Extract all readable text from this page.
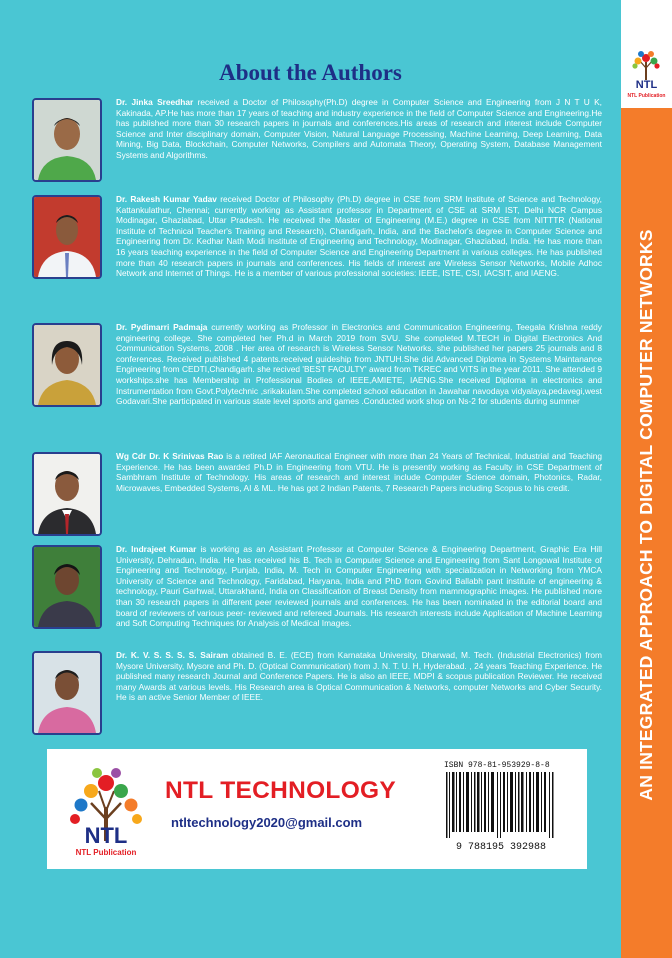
NTL
NTL Publication
AN INTEGRATED APPROACH TO DIGITAL COMPUTER NETWORKS
About the Authors
Dr. Jinka Sreedhar received a Doctor of Philosophy(Ph.D) degree in Computer Science and Engineering from J N T U K, Kakinada, AP.He has more than 17 years of teaching and industry experience in the field of Computer Science and Engineering.He has published more than 30 research papers in journals and conferences.His areas of research and interest include Computer Science and Inter disciplinary domain, Computer Vision, Natural Language Processing, Machine Learning, Deep Learning, Data Mining, Big Data, Blockchain, Computer Networks, Compilers and Automata Theory, Operating System, Database Management Systems and Algorithms.
Dr. Rakesh Kumar Yadav received Doctor of Philosophy (Ph.D) degree in CSE from SRM Institute of Science and Technology, Kattankulathur, Chennai; currently working as Assistant professor in Department of CSE at SRM IST, Delhi NCR Campus Modinagar, Ghaziabad, Uttar Pradesh. He received the Master of Engineering (M.E.) degree in CSE from NITTTR (National Institute of Technical Teacher's Training and Research), Chandigarh, India, and the Bachelor's degree in Computer Science and Engineering from Dr. Kedhar Nath Modi Institute of Engineering and Technology, Modinagar, Ghaziabad, India. He has more than 16 years teaching experience in the field of Computer Science and Engineering Department in various colleges. He has published more than 40 research papers in journals and conferences. His fields of interest are Wireless Sensor Networks, Mobile Adhoc Network and Internet of Things. He is a member of various professional societies: IEEE, ISTE, CSI, IACSIT, and IAENG.
Dr. Pydimarri Padmaja currently working as Professor in Electronics and Communication Engineering, Teegala Krishna reddy engineering college. She completed her Ph.d in March 2019 from SVU. She completed M.TECH in Digital Electronics And Communication Systems, 2008 . Her area of research is Wireless Sensor Networks. she published her papers 25 journals and 8 conferences. Received published 4 patents.received guideship from JNTUH.She did Advanced Diploma in Systems Maintanance Engineering from CEDTI,Chandigarh. she recived 'BEST FACULTY' award from TKREC and VITS in the year 2011. She attended 9 workships.she has Membership in Professional Bodies of IEEE,AMIETE, IAENG.She received Diploma in electronics and Instrumentation from Govt.Polytechnic ,srikakulam.She completed school education in Jawahar navodaya vidyalaya,pedavegi,west Godavari.She participated in various state level sports and games .Conducted work shop on Ns-2 for students during summer
Wg Cdr Dr. K Srinivas Rao is a retired IAF Aeronautical Engineer with more than 24 Years of Technical, Industrial and Teaching Experience. He has been awarded Ph.D in Engineering from VTU. He is presently working as Faculty in CSE Department of Sambhram Institute of Technology. His areas of research and interest include Computer Science domain, Photonics, Radar, Microwaves, Embedded Systems, AI & ML. He has got 2 Indian Patents, 7 Research Papers including Scopus to his credit.
Dr. Indrajeet Kumar is working as an Assistant Professor at Computer Science & Engineering Department, Graphic Era Hill University, Dehradun, India. He has received his B. Tech in Computer Science and Engineering from Sant Longowal Institute of Engineering and Technology, Punjab, India, M. Tech in Computer Engineering with specialization in Networking from YMCA University of Science and Technology, Faridabad, Haryana, India and PhD from Govind Ballabh pant institute of engineering & technology, Pauri Garhwal, Uttarakhand, India on Classification of Breast Density from mammographic images. He published more than 30 research papers in different peer reviewed journals and conferences. He has been nominated in the editorial board and board of reviewers of various peer- reviewed and refereed Journals. His research interests include Application of Machine Learning and Soft Computing Techniques for Analysis of Medical Images.
Dr. K. V. S. S. S. S. Sairam obtained B. E. (ECE) from Karnataka University, Dharwad, M. Tech. (Industrial Electronics) from Mysore University, Mysore and Ph. D. (Optical Communication) from J. N. T. U. H, Hyderabad. , 24 years Teaching Experience. He published many research Journal and Conference Papers. He is also an IEEE, MDPI & scopus publication Reviewer. He received many Awards at various levels. His Research area is Optical Communication & Networks, computer Networks and Cyber Security. He is an active Senior Member of IEEE.
NTL
NTL Publication
NTL TECHNOLOGY
ntltechnology2020@gmail.com
ISBN 978-81-953929-8-8
9 788195 392988
